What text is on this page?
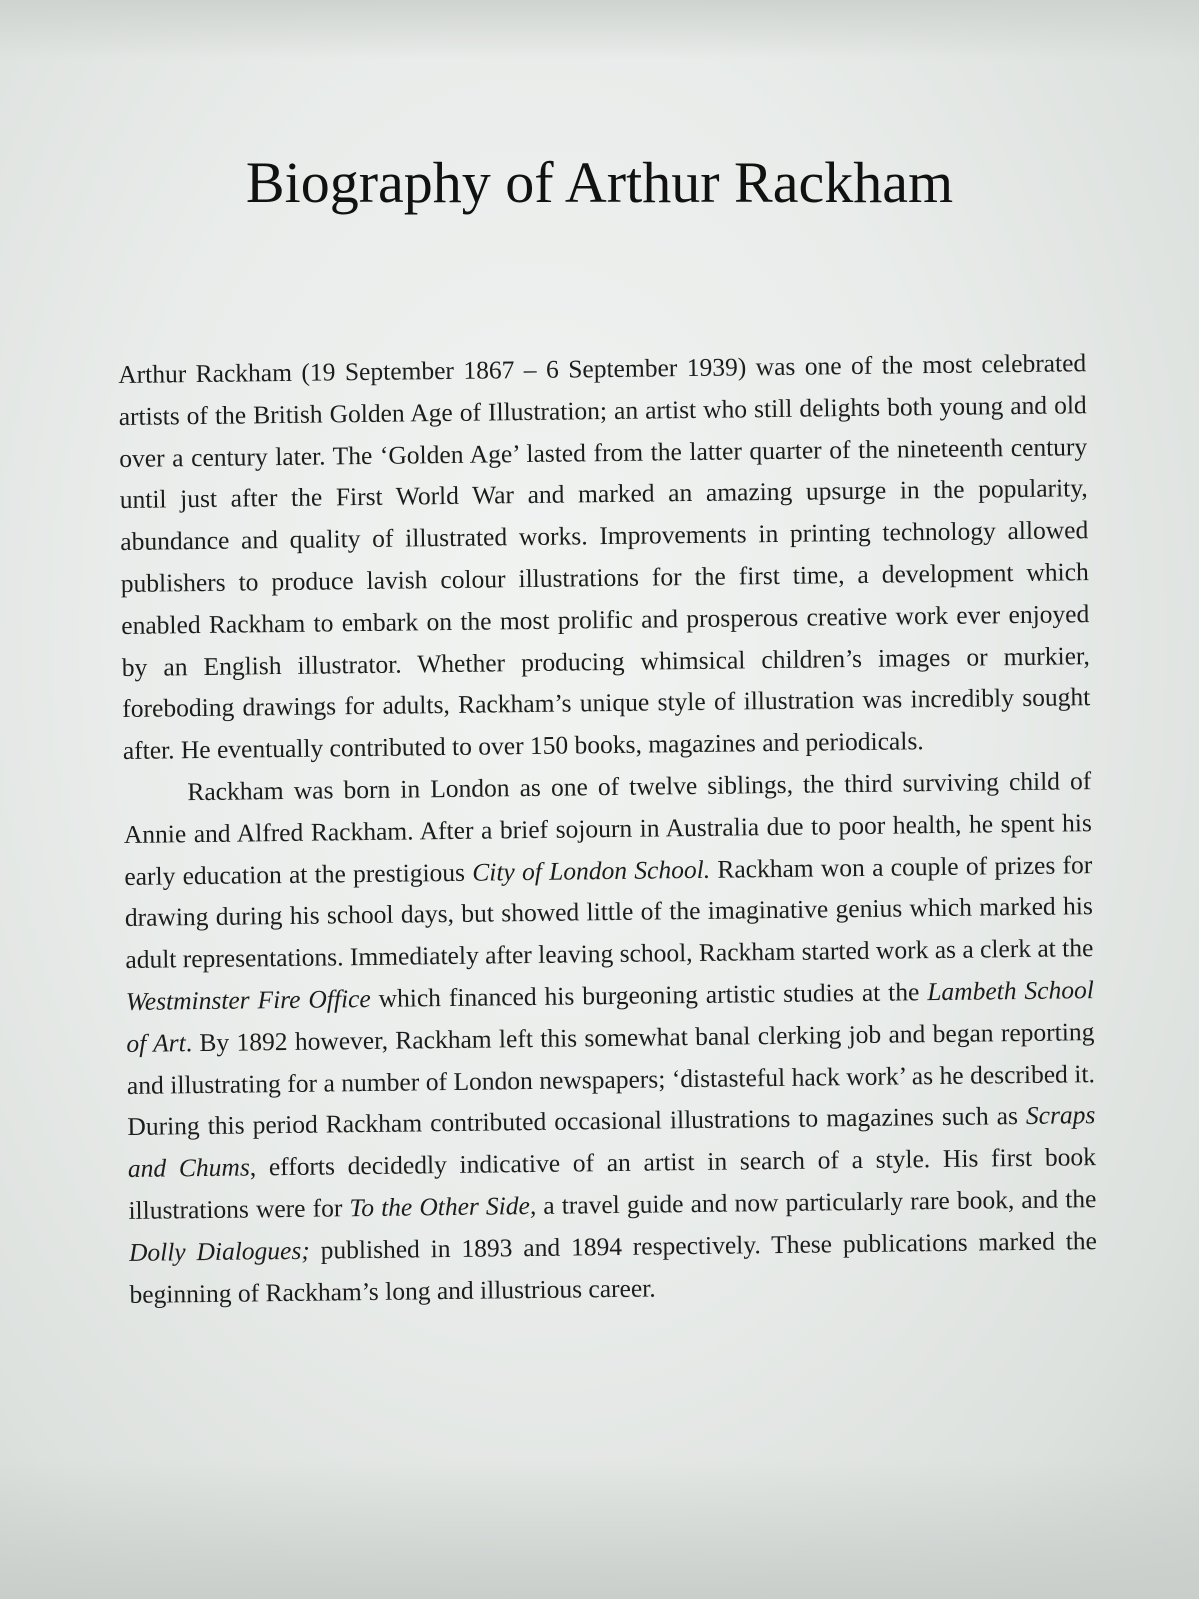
Biography of Arthur Rackham

Arthur Rackham (19 September 1867 – 6 September 1939) was one of the most celebrated artists of the British Golden Age of Illustration; an artist who still delights both young and old over a century later. The ‘Golden Age’ lasted from the latter quarter of the nineteenth century until just after the First World War and marked an amazing upsurge in the popularity, abundance and quality of illustrated works. Improvements in printing technology allowed publishers to produce lavish colour illustrations for the first time, a development which enabled Rackham to embark on the most prolific and prosperous creative work ever enjoyed by an English illustrator. Whether producing whimsical children’s images or murkier, foreboding drawings for adults, Rackham’s unique style of illustration was incredibly sought after. He eventually contributed to over 150 books, magazines and periodicals.

Rackham was born in London as one of twelve siblings, the third surviving child of Annie and Alfred Rackham. After a brief sojourn in Australia due to poor health, he spent his early education at the prestigious City of London School. Rackham won a couple of prizes for drawing during his school days, but showed little of the imaginative genius which marked his adult representations. Immediately after leaving school, Rackham started work as a clerk at the Westminster Fire Office which financed his burgeoning artistic studies at the Lambeth School of Art. By 1892 however, Rackham left this somewhat banal clerking job and began reporting and illustrating for a number of London newspapers; ‘distasteful hack work’ as he described it. During this period Rackham contributed occasional illustrations to magazines such as Scraps and Chums, efforts decidedly indicative of an artist in search of a style. His first book illustrations were for To the Other Side, a travel guide and now particularly rare book, and the Dolly Dialogues; published in 1893 and 1894 respectively. These publications marked the beginning of Rackham’s long and illustrious career.
